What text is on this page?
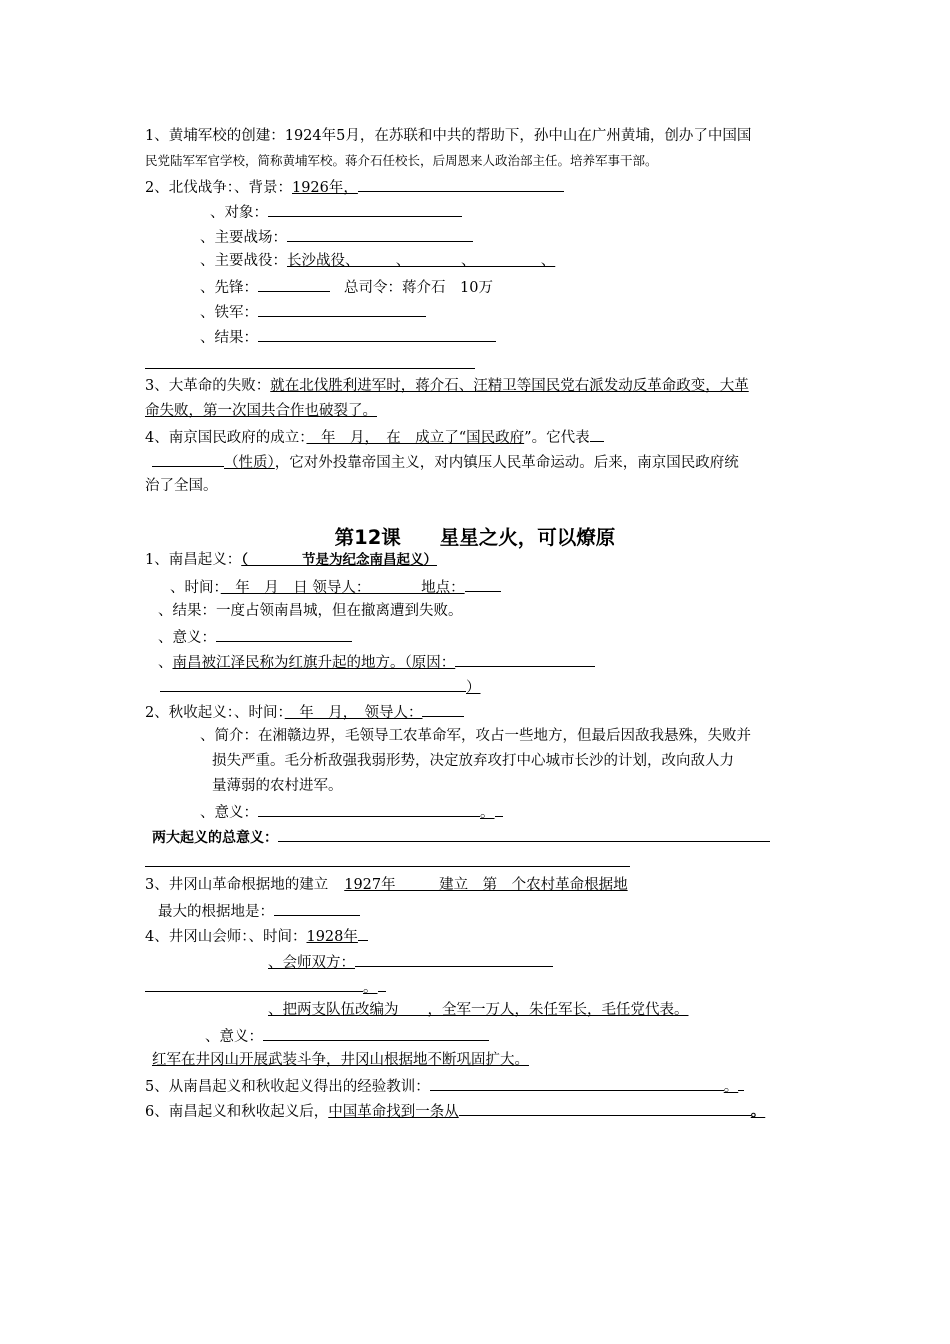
1、黄埔军校的创建：1924年5月，在苏联和中共的帮助下，孙中山在广州黄埔，创办了中国国
民党陆军军官学校，简称黄埔军校。蒋介石任校长，后周恩来人政治部主任。培养军事干部。
2、北伐战争：、背景：1926年，
、对象：
、主要战场：
、主要战役：长沙战役、　　　、　　　　、　　　　　、
、先锋：	总司令：蒋介石　10万
、铁军：
、结果：
3、大革命的失败：就在北伐胜利进军时，蒋介石、汪精卫等国民党右派发动反革命政变，大革
命失败，第一次国共合作也破裂了。
4、南京国民政府的成立：　年　月，　在　成立了“国民政府”。它代表
（性质），它对外投靠帝国主义，对内镇压人民革命运动。后来，南京国民政府统
治了全国。
第12课　　星星之火，可以燎原
1、南昌起义：（　　　　节是为纪念南昌起义）
、时间：　年　月　日 领导人：　　　　地点：
、结果：一度占领南昌城，但在撤离遭到失败。
、意义：
、南昌被江泽民称为红旗升起的地方。（原因：
）
2、秋收起义：、时间：　年　月，　领导人：
、简介：在湘赣边界，毛领导工农革命军，攻占一些地方，但最后因敌我悬殊，失败并
损失严重。毛分析敌强我弱形势，决定放弃攻打中心城市长沙的计划，改向敌人力
量薄弱的农村进军。
、意义：	。
两大起义的总意义：
3、井冈山革命根据地的建立 1927年　　　建立　第　个农村革命根据地
最大的根据地是：
4、井冈山会师：、时间：1928年
、会师双方：
。
、把两支队伍改编为　　，全军一万人，朱任军长，毛任党代表。
、意义：
红军在井冈山开展武装斗争，井冈山根据地不断巩固扩大。
5、从南昌起义和秋收起义得出的经验教训：	。
6、南昌起义和秋收起义后，中国革命找到一条从	。
